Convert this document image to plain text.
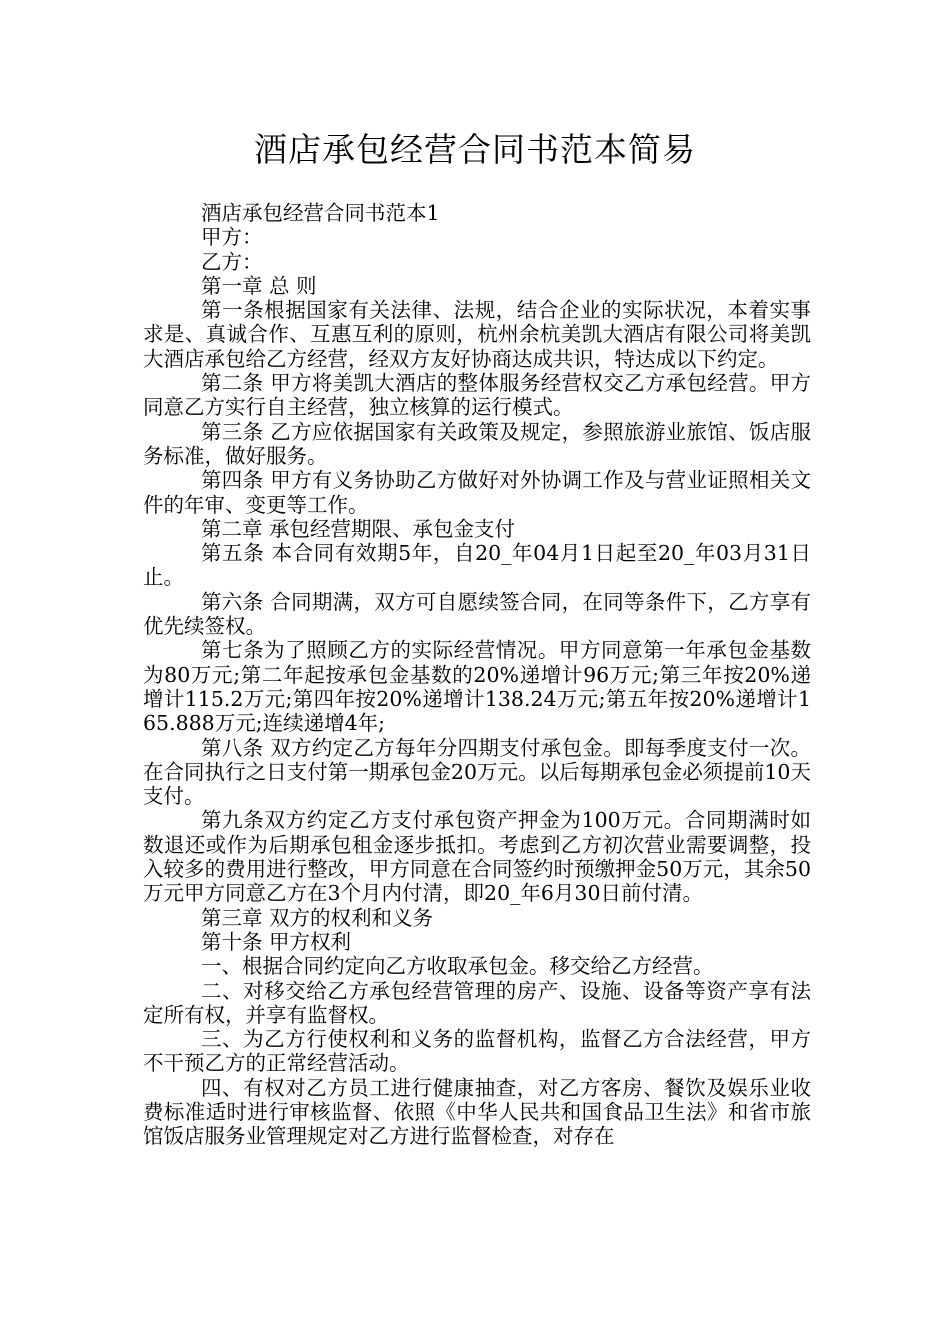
酒店承包经营合同书范本简易

酒店承包经营合同书范本1

甲方：

乙方：

第一章 总 则

第一条根据国家有关法律、法规，结合企业的实际状况，本着实事求是、真诚合作、互惠互利的原则，杭州余杭美凯大酒店有限公司将美凯大酒店承包给乙方经营，经双方友好协商达成共识，特达成以下约定。

第二条 甲方将美凯大酒店的整体服务经营权交乙方承包经营。甲方同意乙方实行自主经营，独立核算的运行模式。

第三条 乙方应依据国家有关政策及规定，参照旅游业旅馆、饭店服务标准，做好服务。

第四条 甲方有义务协助乙方做好对外协调工作及与营业证照相关文件的年审、变更等工作。

第二章 承包经营期限、承包金支付

第五条 本合同有效期5年，自20_年04月1日起至20_年03月31日止。

第六条 合同期满，双方可自愿续签合同，在同等条件下，乙方享有优先续签权。

第七条为了照顾乙方的实际经营情况。甲方同意第一年承包金基数为80万元;第二年起按承包金基数的20%递增计96万元;第三年按20%递增计115.2万元;第四年按20%递增计138.24万元;第五年按20%递增计165.888万元;连续递增4年;

第八条 双方约定乙方每年分四期支付承包金。即每季度支付一次。在合同执行之日支付第一期承包金20万元。以后每期承包金必须提前10天支付。

第九条双方约定乙方支付承包资产押金为100万元。合同期满时如数退还或作为后期承包租金逐步抵扣。考虑到乙方初次营业需要调整，投入较多的费用进行整改，甲方同意在合同签约时预缴押金50万元，其余50万元甲方同意乙方在3个月内付清，即20_年6月30日前付清。

第三章 双方的权利和义务

第十条 甲方权利

一、根据合同约定向乙方收取承包金。移交给乙方经营。

二、对移交给乙方承包经营管理的房产、设施、设备等资产享有法定所有权，并享有监督权。

三、为乙方行使权利和义务的监督机构，监督乙方合法经营，甲方不干预乙方的正常经营活动。

四、有权对乙方员工进行健康抽查，对乙方客房、餐饮及娱乐业收费标准适时进行审核监督、依照《中华人民共和国食品卫生法》和省市旅馆饭店服务业管理规定对乙方进行监督检查，对存在
